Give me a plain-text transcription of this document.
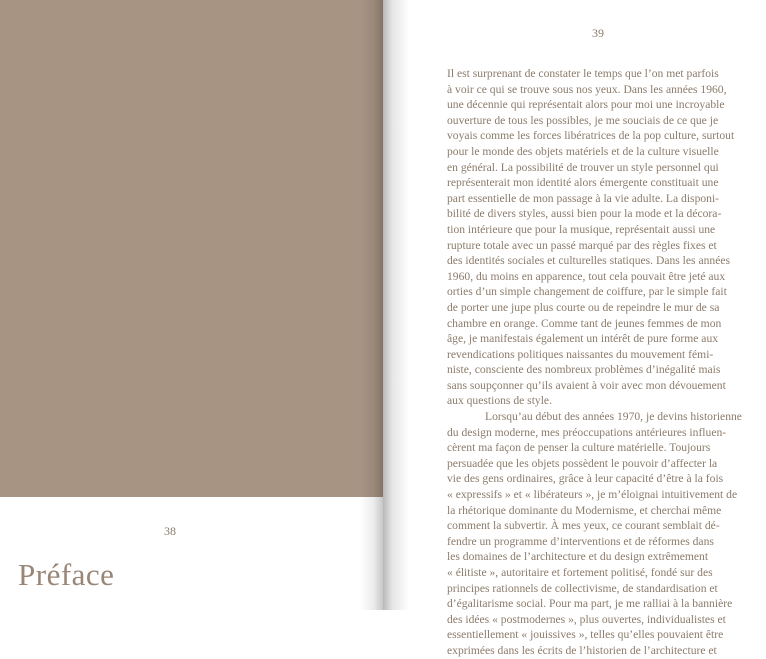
38
Préface
39
Il est surprenant de constater le temps que l’on met parfois
à voir ce qui se trouve sous nos yeux. Dans les années 1960,
une décennie qui représentait alors pour moi une incroyable
ouverture de tous les possibles, je me souciais de ce que je
voyais comme les forces libératrices de la pop culture, surtout
pour le monde des objets matériels et de la culture visuelle
en général. La possibilité de trouver un style personnel qui
représenterait mon identité alors émergente constituait une
part essentielle de mon passage à la vie adulte. La disponi-
bilité de divers styles, aussi bien pour la mode et la décora-
tion intérieure que pour la musique, représentait aussi une
rupture totale avec un passé marqué par des règles fixes et
des identités sociales et culturelles statiques. Dans les années
1960, du moins en apparence, tout cela pouvait être jeté aux
orties d’un simple changement de coiffure, par le simple fait
de porter une jupe plus courte ou de repeindre le mur de sa
chambre en orange. Comme tant de jeunes femmes de mon
âge, je manifestais également un intérêt de pure forme aux
revendications politiques naissantes du mouvement fémi-
niste, consciente des nombreux problèmes d’inégalité mais
sans soupçonner qu’ils avaient à voir avec mon dévouement
aux questions de style.
Lorsqu’au début des années 1970, je devins historienne
du design moderne, mes préoccupations antérieures influen-
cèrent ma façon de penser la culture matérielle. Toujours
persuadée que les objets possèdent le pouvoir d’affecter la
vie des gens ordinaires, grâce à leur capacité d’être à la fois
« expressifs » et « libérateurs », je m’éloignai intuitivement de
la rhétorique dominante du Modernisme, et cherchai même
comment la subvertir. À mes yeux, ce courant semblait dé-
fendre un programme d’interventions et de réformes dans
les domaines de l’architecture et du design extrêmement
« élitiste », autoritaire et fortement politisé, fondé sur des
principes rationnels de collectivisme, de standardisation et
d’égalitarisme social. Pour ma part, je me ralliai à la bannière
des idées « postmodernes », plus ouvertes, individualistes et
essentiellement « jouissives », telles qu’elles pouvaient être
exprimées dans les écrits de l’historien de l’architecture et
